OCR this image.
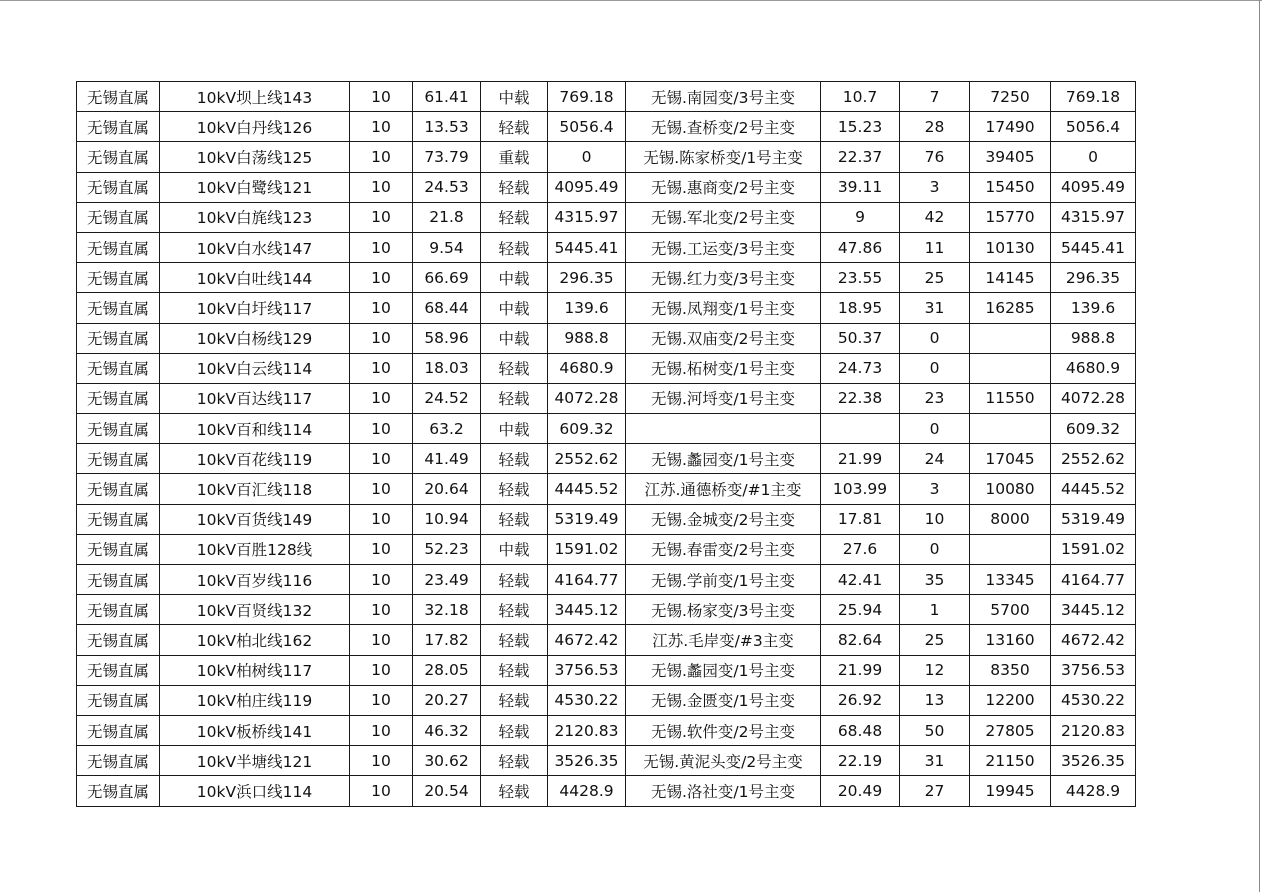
无锡直属	10kV坝上线143	10	61.41	中载	769.18	无锡.南园变/3号主变	10.7	7	7250	769.18
无锡直属	10kV白丹线126	10	13.53	轻载	5056.4	无锡.查桥变/2号主变	15.23	28	17490	5056.4
无锡直属	10kV白荡线125	10	73.79	重载	0	无锡.陈家桥变/1号主变	22.37	76	39405	0
无锡直属	10kV白鹭线121	10	24.53	轻载	4095.49	无锡.惠商变/2号主变	39.11	3	15450	4095.49
无锡直属	10kV白旄线123	10	21.8	轻载	4315.97	无锡.军北变/2号主变	9	42	15770	4315.97
无锡直属	10kV白水线147	10	9.54	轻载	5445.41	无锡.工运变/3号主变	47.86	11	10130	5445.41
无锡直属	10kV白吐线144	10	66.69	中载	296.35	无锡.红力变/3号主变	23.55	25	14145	296.35
无锡直属	10kV白圩线117	10	68.44	中载	139.6	无锡.凤翔变/1号主变	18.95	31	16285	139.6
无锡直属	10kV白杨线129	10	58.96	中载	988.8	无锡.双庙变/2号主变	50.37	0		988.8
无锡直属	10kV白云线114	10	18.03	轻载	4680.9	无锡.柘树变/1号主变	24.73	0		4680.9
无锡直属	10kV百达线117	10	24.52	轻载	4072.28	无锡.河埒变/1号主变	22.38	23	11550	4072.28
无锡直属	10kV百和线114	10	63.2	中载	609.32			0		609.32
无锡直属	10kV百花线119	10	41.49	轻载	2552.62	无锡.蠡园变/1号主变	21.99	24	17045	2552.62
无锡直属	10kV百汇线118	10	20.64	轻载	4445.52	江苏.通德桥变/#1主变	103.99	3	10080	4445.52
无锡直属	10kV百货线149	10	10.94	轻载	5319.49	无锡.金城变/2号主变	17.81	10	8000	5319.49
无锡直属	10kV百胜128线	10	52.23	中载	1591.02	无锡.春雷变/2号主变	27.6	0		1591.02
无锡直属	10kV百岁线116	10	23.49	轻载	4164.77	无锡.学前变/1号主变	42.41	35	13345	4164.77
无锡直属	10kV百贤线132	10	32.18	轻载	3445.12	无锡.杨家变/3号主变	25.94	1	5700	3445.12
无锡直属	10kV柏北线162	10	17.82	轻载	4672.42	江苏.毛岸变/#3主变	82.64	25	13160	4672.42
无锡直属	10kV柏树线117	10	28.05	轻载	3756.53	无锡.蠡园变/1号主变	21.99	12	8350	3756.53
无锡直属	10kV柏庄线119	10	20.27	轻载	4530.22	无锡.金匮变/1号主变	26.92	13	12200	4530.22
无锡直属	10kV板桥线141	10	46.32	轻载	2120.83	无锡.软件变/2号主变	68.48	50	27805	2120.83
无锡直属	10kV半塘线121	10	30.62	轻载	3526.35	无锡.黄泥头变/2号主变	22.19	31	21150	3526.35
无锡直属	10kV浜口线114	10	20.54	轻载	4428.9	无锡.洛社变/1号主变	20.49	27	19945	4428.9
